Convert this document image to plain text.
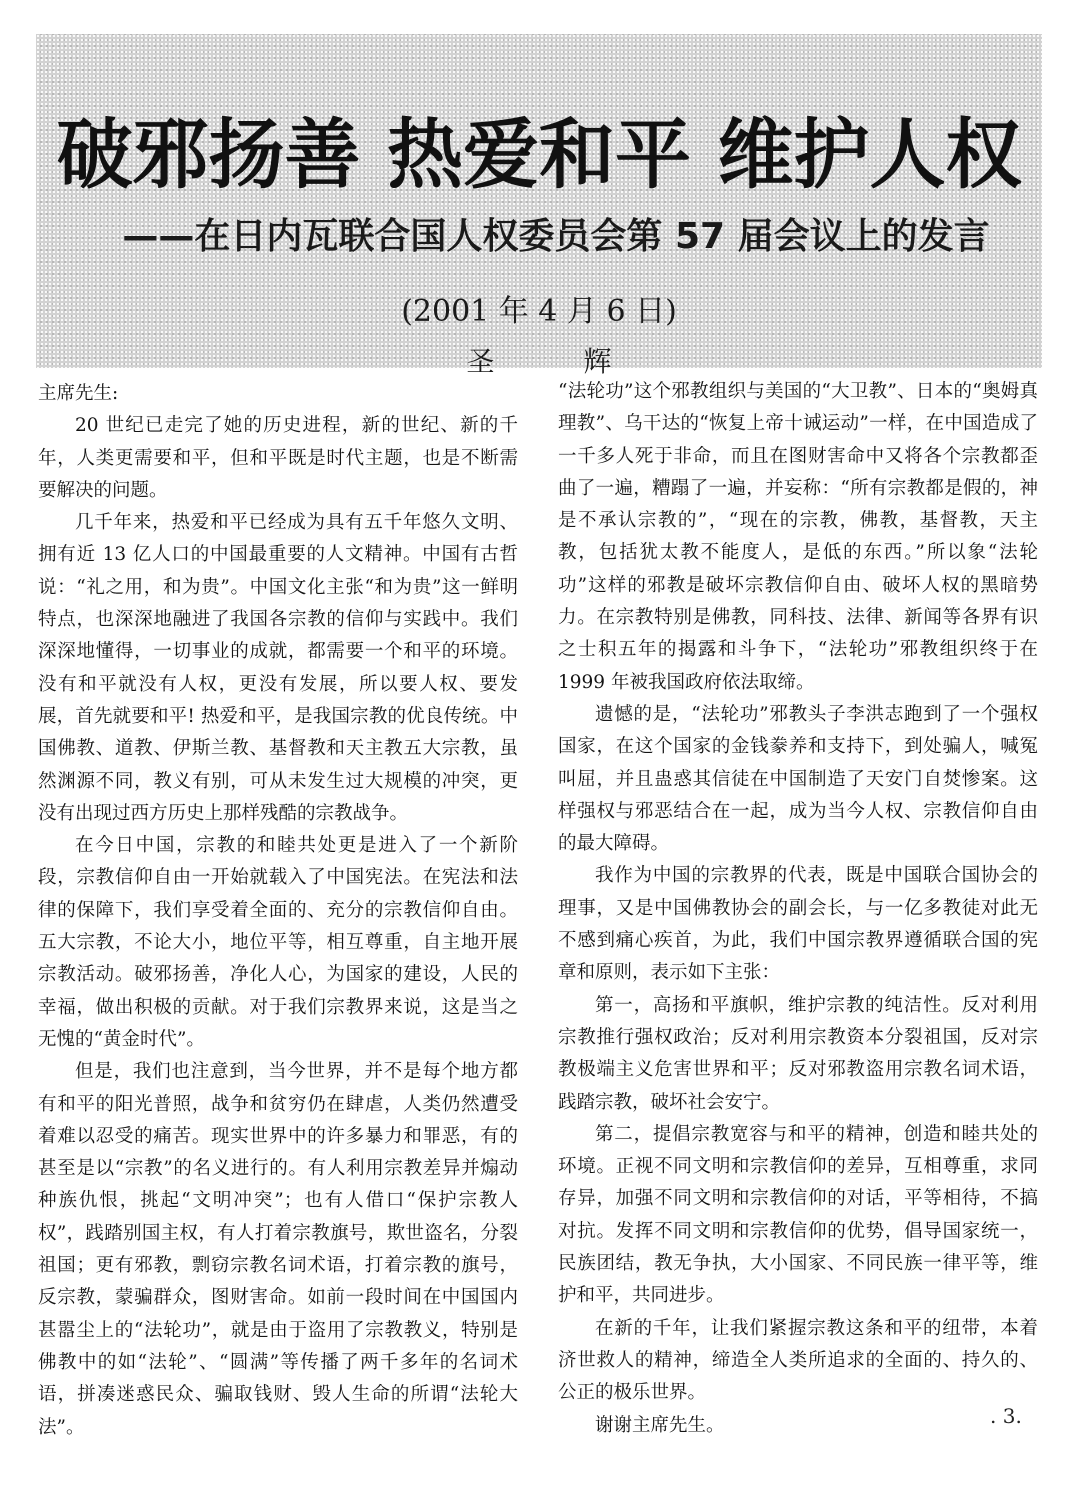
破邪扬善 热爱和平 维护人权
——在日内瓦联合国人权委员会第 57 届会议上的发言
(2001 年 4 月 6 日)
圣 辉

主席先生:

20 世纪已走完了她的历史进程，新的世纪、新的千年，人类更需要和平，但和平既是时代主题，也是不断需要解决的问题。

几千年来，热爱和平已经成为具有五千年悠久文明、拥有近 13 亿人口的中国最重要的人文精神。中国有古哲说：“礼之用，和为贵”。中国文化主张“和为贵”这一鲜明特点，也深深地融进了我国各宗教的信仰与实践中。我们深深地懂得，一切事业的成就，都需要一个和平的环境。没有和平就没有人权，更没有发展，所以要人权、要发展，首先就要和平! 热爱和平，是我国宗教的优良传统。中国佛教、道教、伊斯兰教、基督教和天主教五大宗教，虽然渊源不同，教义有别，可从未发生过大规模的冲突，更没有出现过西方历史上那样残酷的宗教战争。

在今日中国，宗教的和睦共处更是进入了一个新阶段，宗教信仰自由一开始就载入了中国宪法。在宪法和法律的保障下，我们享受着全面的、充分的宗教信仰自由。五大宗教，不论大小，地位平等，相互尊重，自主地开展宗教活动。破邪扬善，净化人心，为国家的建设，人民的幸福，做出积极的贡献。对于我们宗教界来说，这是当之无愧的“黄金时代”。

但是，我们也注意到，当今世界，并不是每个地方都有和平的阳光普照，战争和贫穷仍在肆虐，人类仍然遭受着难以忍受的痛苦。现实世界中的许多暴力和罪恶，有的甚至是以“宗教”的名义进行的。有人利用宗教差异并煽动种族仇恨，挑起“文明冲突”；也有人借口“保护宗教人权”，践踏别国主权，有人打着宗教旗号，欺世盗名，分裂祖国；更有邪教，剽窃宗教名词术语，打着宗教的旗号，反宗教，蒙骗群众，图财害命。如前一段时间在中国国内甚嚣尘上的“法轮功”，就是由于盗用了宗教教义，特别是佛教中的如“法轮”、“圆满”等传播了两千多年的名词术语，拼凑迷惑民众、骗取钱财、毁人生命的所谓“法轮大法”。

“法轮功”这个邪教组织与美国的“大卫教”、日本的“奥姆真理教”、乌干达的“恢复上帝十诫运动”一样，在中国造成了一千多人死于非命，而且在图财害命中又将各个宗教都歪曲了一遍，糟蹋了一遍，并妄称：“所有宗教都是假的，神是不承认宗教的”，“现在的宗教，佛教，基督教，天主教，包括犹太教不能度人，是低的东西。”所以象“法轮功”这样的邪教是破坏宗教信仰自由、破坏人权的黑暗势力。在宗教特别是佛教，同科技、法律、新闻等各界有识之士积五年的揭露和斗争下，“法轮功”邪教组织终于在 1999 年被我国政府依法取缔。

遗憾的是，“法轮功”邪教头子李洪志跑到了一个强权国家，在这个国家的金钱豢养和支持下，到处骗人，喊冤叫屈，并且蛊惑其信徒在中国制造了天安门自焚惨案。这样强权与邪恶结合在一起，成为当今人权、宗教信仰自由的最大障碍。

我作为中国的宗教界的代表，既是中国联合国协会的理事，又是中国佛教协会的副会长，与一亿多教徒对此无不感到痛心疾首，为此，我们中国宗教界遵循联合国的宪章和原则，表示如下主张：

第一，高扬和平旗帜，维护宗教的纯洁性。反对利用宗教推行强权政治；反对利用宗教资本分裂祖国，反对宗教极端主义危害世界和平；反对邪教盗用宗教名词术语，践踏宗教，破坏社会安宁。

第二，提倡宗教宽容与和平的精神，创造和睦共处的环境。正视不同文明和宗教信仰的差异，互相尊重，求同存异，加强不同文明和宗教信仰的对话，平等相待，不搞对抗。发挥不同文明和宗教信仰的优势，倡导国家统一，民族团结，教无争执，大小国家、不同民族一律平等，维护和平，共同进步。

在新的千年，让我们紧握宗教这条和平的纽带，本着济世救人的精神，缔造全人类所追求的全面的、持久的、公正的极乐世界。

谢谢主席先生。	. 3.
